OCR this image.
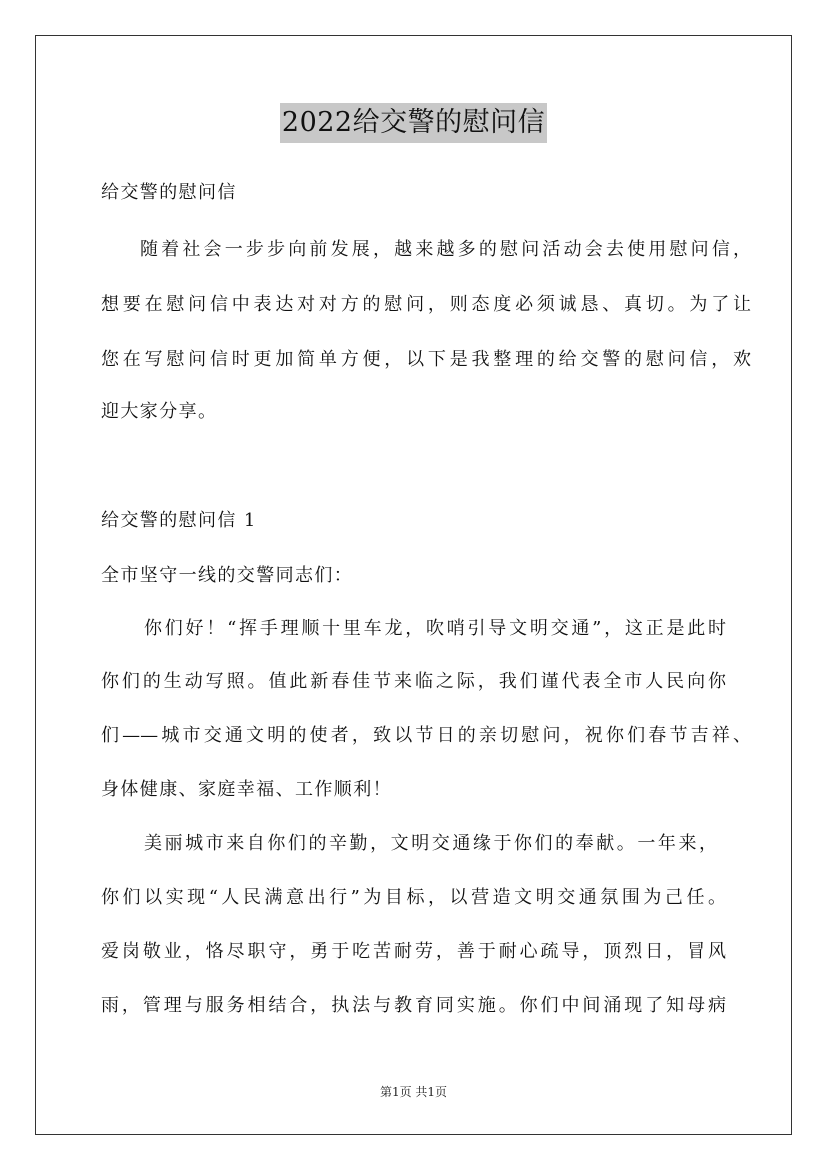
2022给交警的慰问信
给交警的慰问信
随着社会一步步向前发展，越来越多的慰问活动会去使用慰问信，
想要在慰问信中表达对对方的慰问，则态度必须诚恳、真切。为了让
您在写慰问信时更加简单方便，以下是我整理的给交警的慰问信，欢
迎大家分享。
给交警的慰问信 1
全市坚守一线的交警同志们：
你们好！“挥手理顺十里车龙，吹哨引导文明交通”，这正是此时
你们的生动写照。值此新春佳节来临之际，我们谨代表全市人民向你
们——城市交通文明的使者，致以节日的亲切慰问，祝你们春节吉祥、
身体健康、家庭幸福、工作顺利！
美丽城市来自你们的辛勤，文明交通缘于你们的奉献。一年来，
你们以实现“人民满意出行”为目标，以营造文明交通氛围为己任。
爱岗敬业，恪尽职守，勇于吃苦耐劳，善于耐心疏导，顶烈日，冒风
雨，管理与服务相结合，执法与教育同实施。你们中间涌现了知母病
第1页 共1页
